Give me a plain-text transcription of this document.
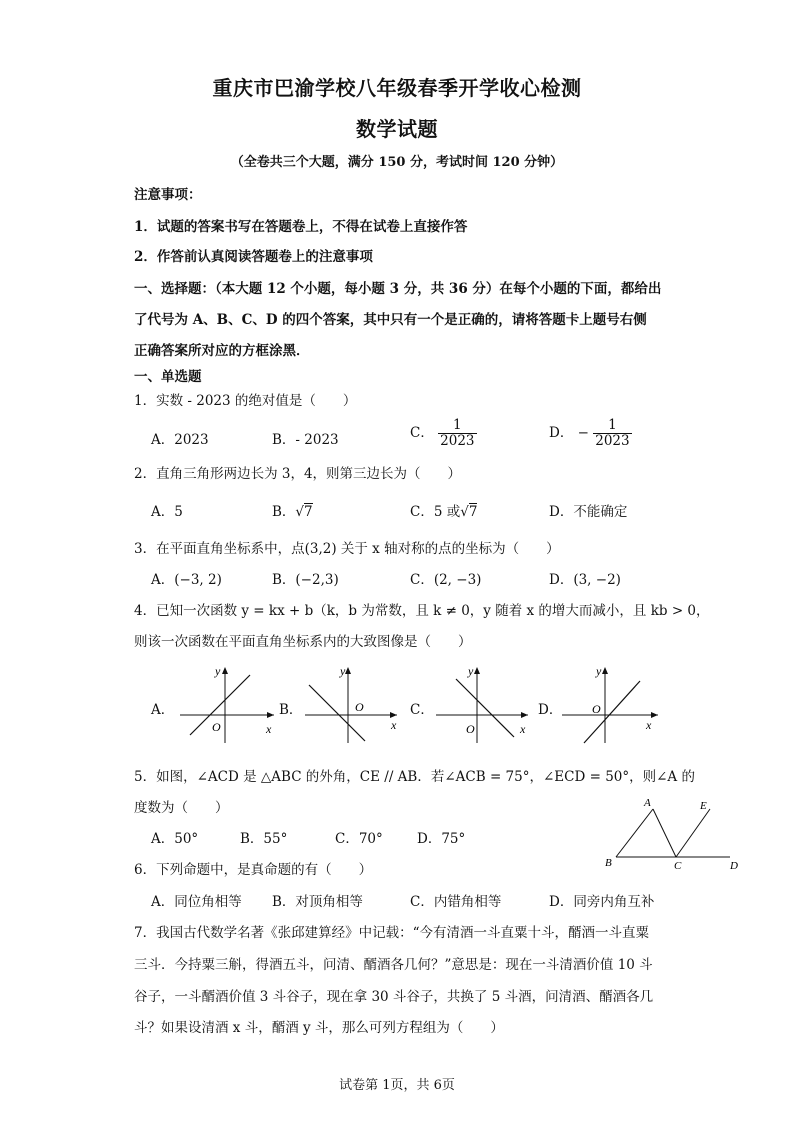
重庆市巴渝学校八年级春季开学收心检测
数学试题
（全卷共三个大题，满分 150 分，考试时间 120 分钟）
注意事项：
1．试题的答案书写在答题卷上，不得在试卷上直接作答
2．作答前认真阅读答题卷上的注意事项
一、选择题：（本大题 12 个小题，每小题 3 分，共 36 分）在每个小题的下面，都给出
了代号为 A、B、C、D 的四个答案，其中只有一个是正确的，请将答题卡上题号右侧
正确答案所对应的方框涂黑．
一、单选题
1．实数 - 2023 的绝对值是（　　）
A．2023	B．- 2023	C． $\frac{1}{2023}$	D． − $\frac{1}{2023}$
2．直角三角形两边长为 3，4，则第三边长为（　　）
A．5	B．√7	C．5 或√7	D．不能确定
3．在平面直角坐标系中，点(3,2) 关于 x 轴对称的点的坐标为（　　）
A．(−3, 2)	B．(−2,3)	C．(2, −3)	D．(3, −2)
4．已知一次函数 y = kx + b（k，b 为常数，且 k ≠ 0，y 随着 x 的增大而减小，且 kb > 0，
则该一次函数在平面直角坐标系内的大致图像是（　　）
A．	B．	C．	D．
y
x
O
y
x
O
y
x
O
y
x
O
5．如图，∠ACD 是 △ABC 的外角，CE // AB．若∠ACB = 75°，∠ECD = 50°，则∠A 的
度数为（　　）
A．50°	B．55°	C．70°	D．75°
A	E
B	C	D
6．下列命题中，是真命题的有（　　）
A．同位角相等 B．对顶角相等	C．内错角相等	D．同旁内角互补
7．我国古代数学名著《张邱建算经》中记载：“今有清酒一斗直粟十斗，醑酒一斗直粟
三斗．今持粟三斛，得酒五斗，问清、醑酒各几何？”意思是：现在一斗清酒价值 10 斗
谷子，一斗醑酒价值 3 斗谷子，现在拿 30 斗谷子，共换了 5 斗酒，问清酒、醑酒各几
斗？如果设清酒 x 斗，醑酒 y 斗，那么可列方程组为（　　）
试卷第 1页，共 6页
